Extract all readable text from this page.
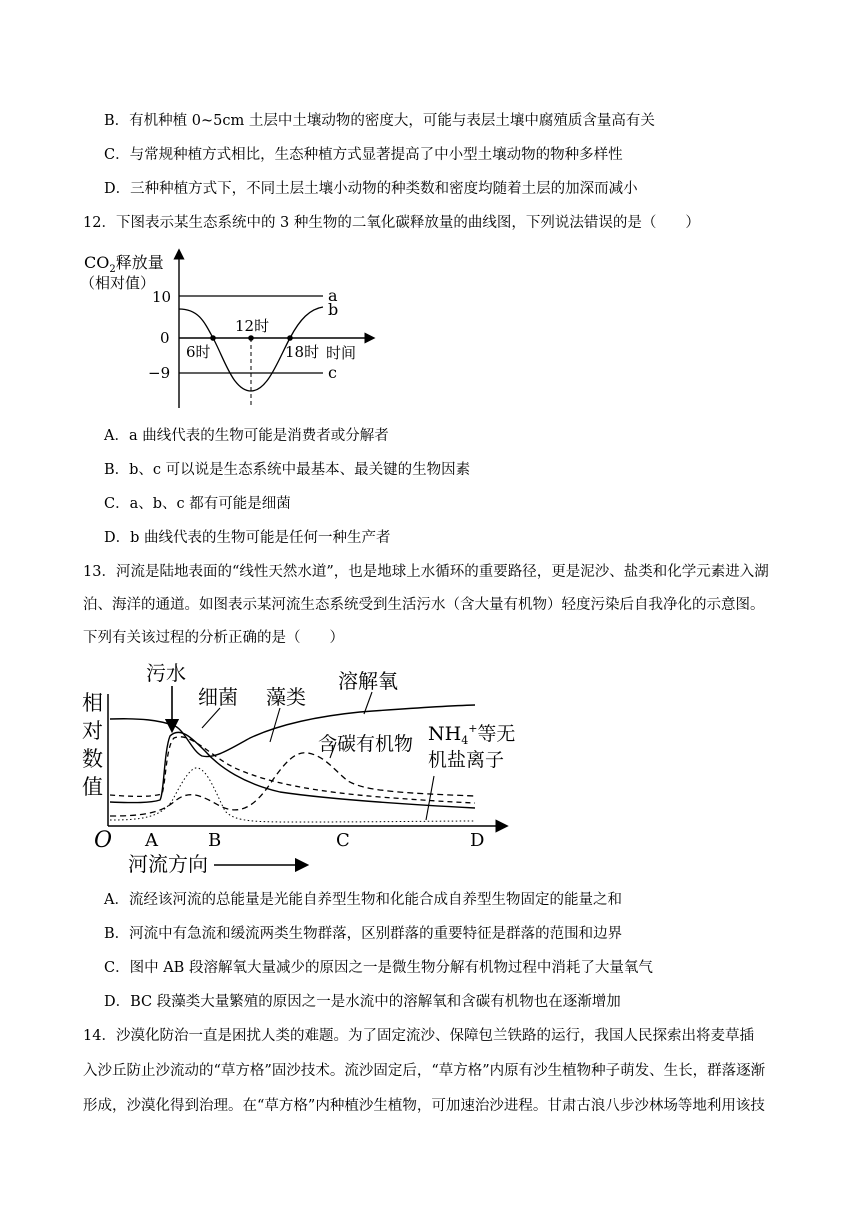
B．有机种植 0~5cm 土层中土壤动物的密度大，可能与表层土壤中腐殖质含量高有关
C．与常规种植方式相比，生态种植方式显著提高了中小型土壤动物的物种多样性
D．三种种植方式下，不同土层土壤小动物的种类数和密度均随着土层的加深而减小
12．下图表示某生态系统中的 3 种生物的二氧化碳释放量的曲线图，下列说法错误的是（　　）
$CO_2$释放量
（相对值）
10
0
−9
12时
6时	18时 时间
a
b
c
A．a 曲线代表的生物可能是消费者或分解者
B．b、c 可以说是生态系统中最基本、最关键的生物因素
C．a、b、c 都有可能是细菌
D．b 曲线代表的生物可能是任何一种生产者
13．河流是陆地表面的“线性天然水道”，也是地球上水循环的重要路径，更是泥沙、盐类和化学元素进入湖
泊、海洋的通道。如图表示某河流生态系统受到生活污水（含大量有机物）轻度污染后自我净化的示意图。
下列有关该过程的分析正确的是（　　）
污水
细菌 藻类
溶解氧
含碳有机物 $NH_4^+$等无
机盐离子
相
对
数
值
O A	B	C	D
河流方向
A．流经该河流的总能量是光能自养型生物和化能合成自养型生物固定的能量之和
B．河流中有急流和缓流两类生物群落，区别群落的重要特征是群落的范围和边界
C．图中 AB 段溶解氧大量减少的原因之一是微生物分解有机物过程中消耗了大量氧气
D．BC 段藻类大量繁殖的原因之一是水流中的溶解氧和含碳有机物也在逐渐增加
14．沙漠化防治一直是困扰人类的难题。为了固定流沙、保障包兰铁路的运行，我国人民探索出将麦草插
入沙丘防止沙流动的“草方格”固沙技术。流沙固定后，“草方格”内原有沙生植物种子萌发、生长，群落逐渐
形成，沙漠化得到治理。在“草方格”内种植沙生植物，可加速治沙进程。甘肃古浪八步沙林场等地利用该技
